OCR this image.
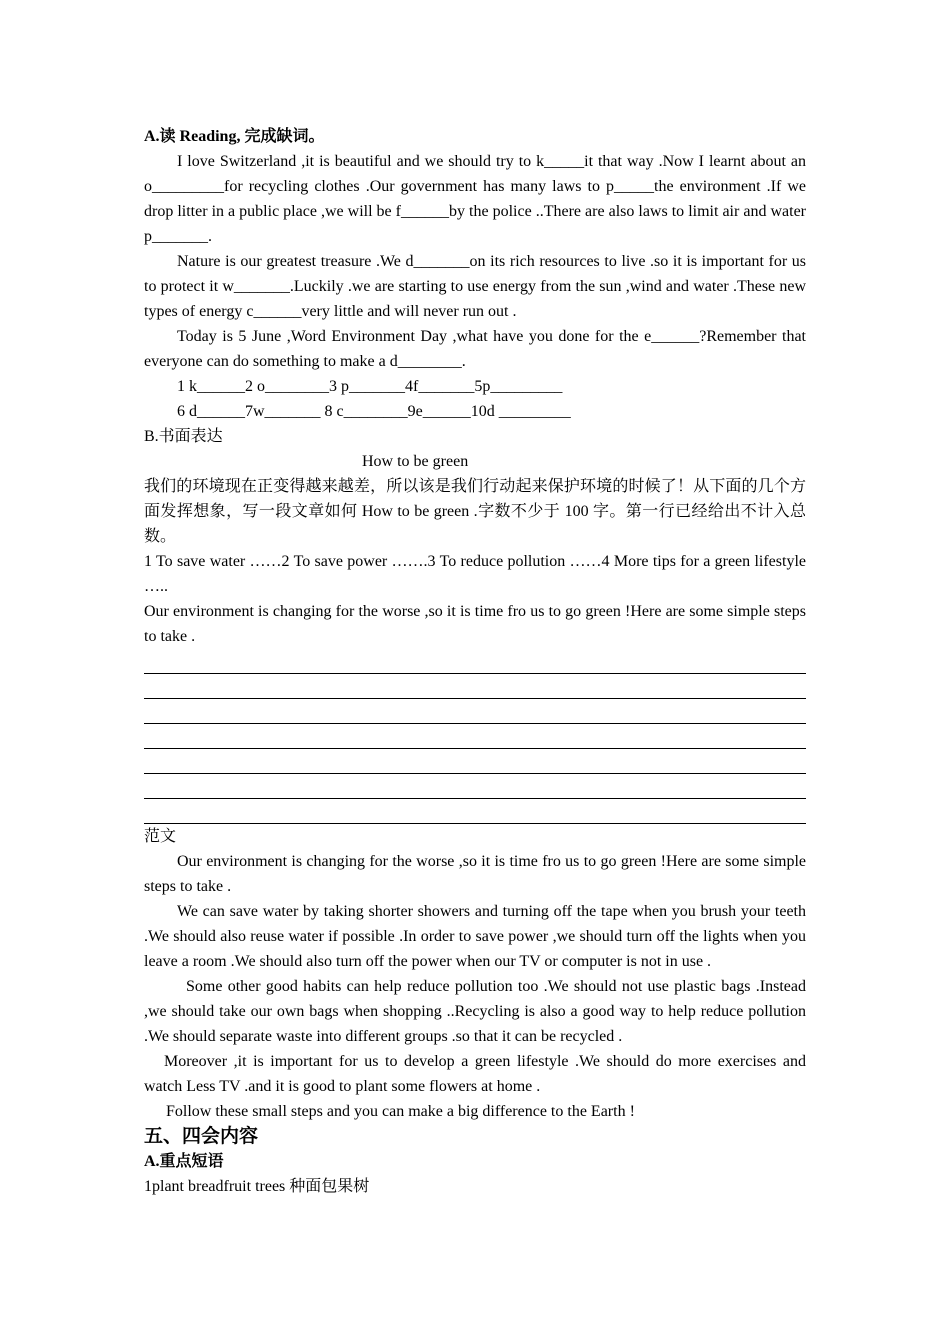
A.读 Reading, 完成缺词。

I love Switzerland ,it is beautiful and we should try to k_____it that way .Now I learnt about an o_________for recycling clothes .Our government has many laws to p_____the environment .If we drop litter in a public place ,we will be f______by the police ..There are also laws to limit air and water p_______.

Nature is our greatest treasure .We d_______on its rich resources to live .so it is important for us to protect it w_______.Luckily .we are starting to use energy from the sun ,wind and water .These new types of energy c______very little and will never run out .

Today is 5 June ,Word Environment Day ,what have you done for the e______?Remember that everyone can do something to make a d________.

1 k______2 o________3 p_______4f_______5p_________

6 d______7w_______ 8 c________9e______10d _________

B.书面表达

How to be green

我们的环境现在正变得越来越差，所以该是我们行动起来保护环境的时候了！从下面的几个方面发挥想象，写一段文章如何 How to be green .字数不少于 100 字。第一行已经给出不计入总数。

1 To save water ……2 To save power …….3 To reduce pollution ……4 More tips for a green lifestyle …..

Our environment is changing for the worse ,so it is time fro us to go green !Here are some simple steps to take .

范文

Our environment is changing for the worse ,so it is time fro us to go green !Here are some simple steps to take .

We can save water by taking shorter showers and turning off the tape when you brush your teeth .We should also reuse water if possible .In order to save power ,we should turn off the lights when you leave a room .We should also turn off the power when our TV or computer is not in use .

Some other good habits can help reduce pollution too .We should not use plastic bags .Instead ,we should take our own bags when shopping ..Recycling is also a good way to help reduce pollution .We should separate waste into different groups .so that it can be recycled .

Moreover ,it is important for us to develop a green lifestyle .We should do more exercises and watch Less TV .and it is good to plant some flowers at home .

Follow these small steps and you can make a big difference to the Earth !

五、四会内容

A.重点短语

1plant breadfruit trees 种面包果树
